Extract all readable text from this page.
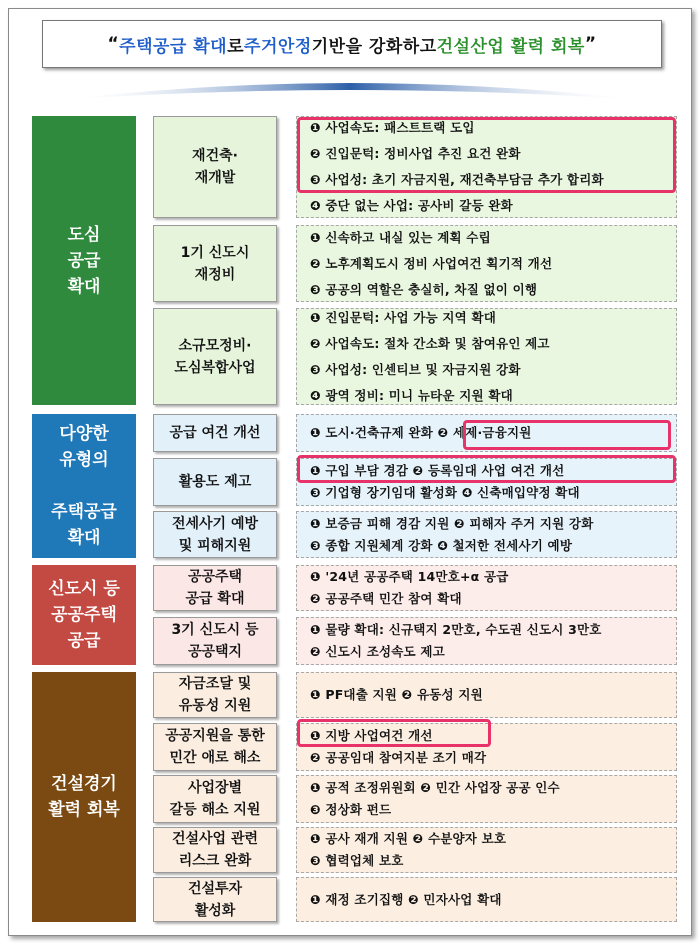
“ 주택공급 확대 로 주거안정 기반을 강화하고 건설산업 활력 회복 ”
도심
공급
확대
재건축·
재개발
❶ 사업속도: 패스트트랙 도입
❷ 진입문턱: 정비사업 추진 요건 완화
❸ 사업성: 초기 자금지원, 재건축부담금 추가 합리화
❹ 중단 없는 사업: 공사비 갈등 완화
1기 신도시
재정비
❶ 신속하고 내실 있는 계획 수립
❷ 노후계획도시 정비 사업여건 획기적 개선
❸ 공공의 역할은 충실히, 차질 없이 이행
소규모정비·
도심복합사업
❶ 진입문턱: 사업 가능 지역 확대
❷ 사업속도: 절차 간소화 및 참여유인 제고
❸ 사업성: 인센티브 및 자금지원 강화
❹ 광역 정비: 미니 뉴타운 지원 확대
다양한
유형의

주택공급
확대
공급 여건 개선	❶ 도시·건축규제 완화 ❷ 세제·금융지원
활용도 제고
❶ 구입 부담 경감 ❷ 등록임대 사업 여건 개선
❸ 기업형 장기임대 활성화 ❹ 신축매입약정 확대
전세사기 예방
및 피해지원
❶ 보증금 피해 경감 지원 ❷ 피해자 주거 지원 강화
❸ 종합 지원체계 강화 ❹ 철저한 전세사기 예방
신도시 등
공공주택
공급
공공주택
공급 확대
❶ '24년 공공주택 14만호+α 공급
❷ 공공주택 민간 참여 확대
3기 신도시 등
공공택지
❶ 물량 확대: 신규택지 2만호, 수도권 신도시 3만호
❷ 신도시 조성속도 제고
건설경기
활력 회복
자금조달 및
유동성 지원
❶ PF대출 지원 ❷ 유동성 지원
공공지원을 통한
민간 애로 해소
❶ 지방 사업여건 개선
❷ 공공임대 참여지분 조기 매각
사업장별
갈등 해소 지원
❶ 공적 조정위원회 ❷ 민간 사업장 공공 인수
❸ 정상화 펀드
건설사업 관련
리스크 완화
❶ 공사 재개 지원 ❷ 수분양자 보호
❸ 협력업체 보호
건설투자
활성화
❶ 재정 조기집행 ❷ 민자사업 확대
